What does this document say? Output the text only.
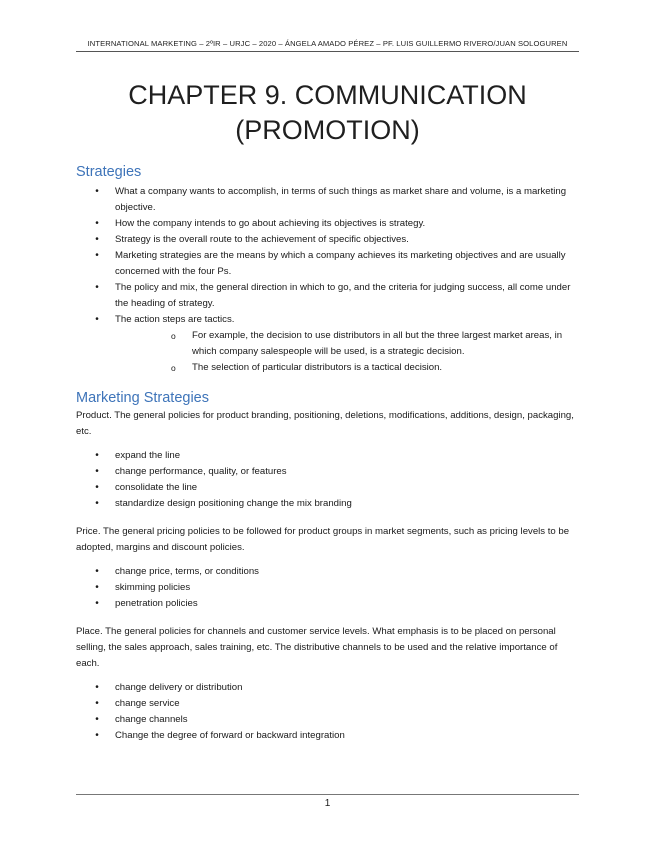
INTERNATIONAL MARKETING – 2ºIR – URJC – 2020 – ÁNGELA AMADO PÉREZ – PF. LUIS GUILLERMO RIVERO/JUAN SOLOGUREN
CHAPTER 9. COMMUNICATION
(PROMOTION)
Strategies
•	What a company wants to accomplish, in terms of such things as market share and volume, is a marketing objective.
•	How the company intends to go about achieving its objectives is strategy.
•	Strategy is the overall route to the achievement of specific objectives.
•	Marketing strategies are the means by which a company achieves its marketing objectives and are usually concerned with the four Ps.
•	The policy and mix, the general direction in which to go, and the criteria for judging success, all come under the heading of strategy.
•	The action steps are tactics.
o For example, the decision to use distributors in all but the three largest market areas, in which company salespeople will be used, is a strategic decision.
o The selection of particular distributors is a tactical decision.
Marketing Strategies

Product. The general policies for product branding, positioning, deletions, modifications, additions, design, packaging, etc.

•	expand the line
•	change performance, quality, or features
•	consolidate the line
•	standardize design positioning change the mix branding

Price. The general pricing policies to be followed for product groups in market segments, such as pricing levels to be adopted, margins and discount policies.

•	change price, terms, or conditions
•	skimming policies
•	penetration policies

Place. The general policies for channels and customer service levels. What emphasis is to be placed on personal selling, the sales approach, sales training, etc. The distributive channels to be used and the relative importance of each.

•	change delivery or distribution
•	change service
•	change channels
•	Change the degree of forward or backward integration
1
